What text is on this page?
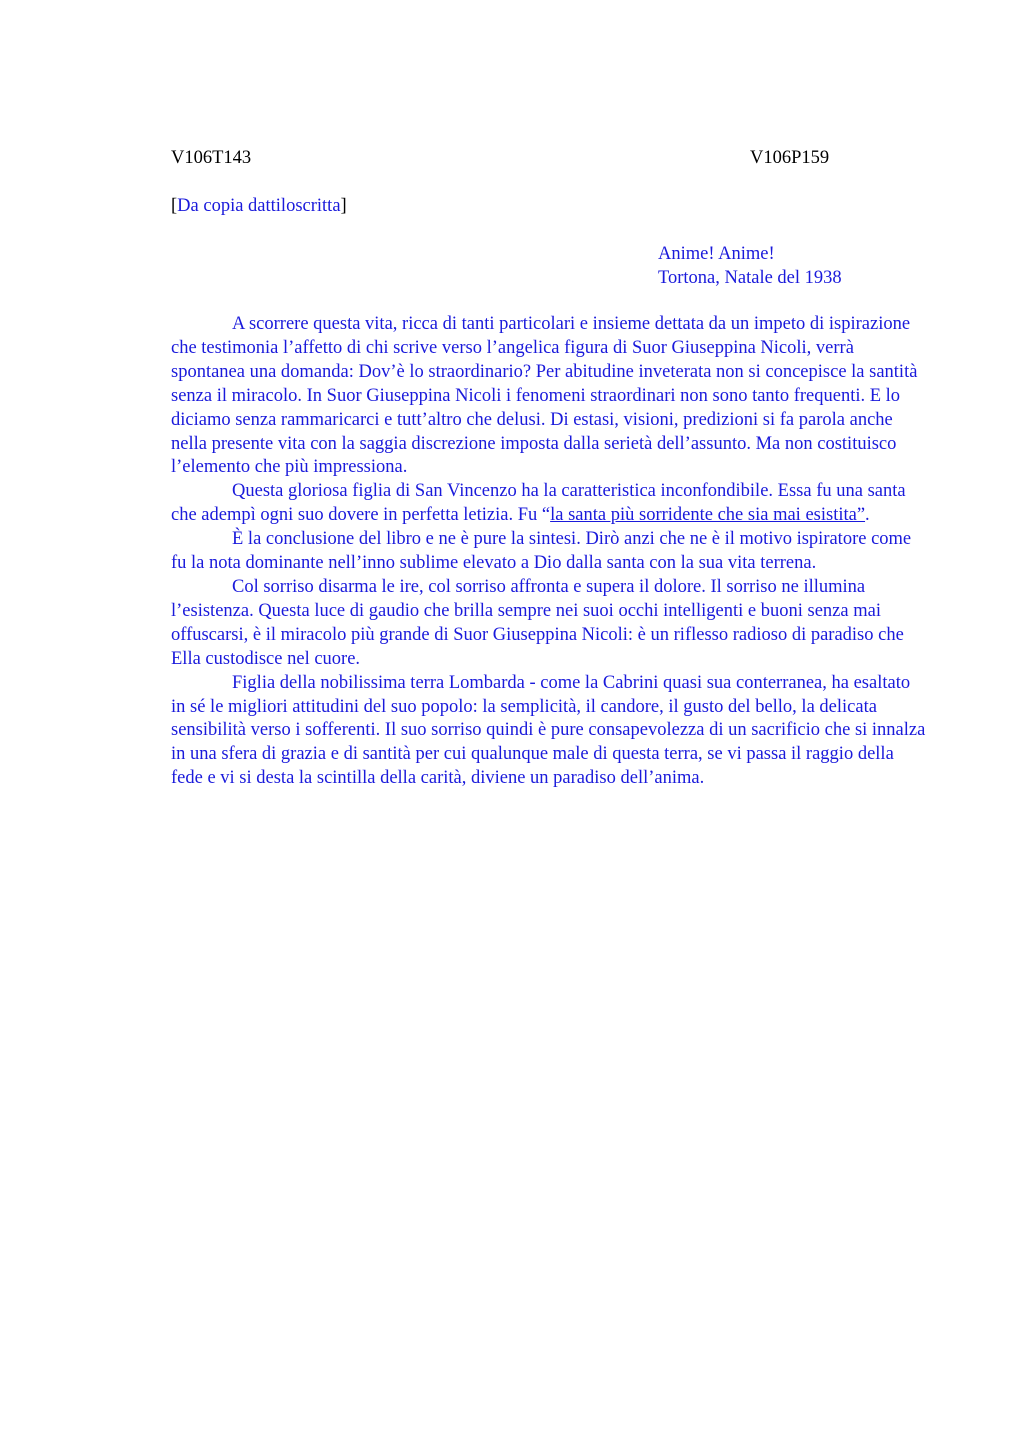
V106T143	V106P159
[Da copia dattiloscritta]
Anime! Anime!
Tortona, Natale del 1938

A scorrere questa vita, ricca di tanti particolari e insieme dettata da un impeto di ispirazione che testimonia l’affetto di chi scrive verso l’angelica figura di Suor Giuseppina Nicoli, verrà spontanea una domanda: Dov’è lo straordinario? Per abitudine inveterata non si concepisce la santità senza il miracolo. In Suor Giuseppina Nicoli i fenomeni straordinari non sono tanto frequenti. E lo diciamo senza rammaricarci e tutt’altro che delusi. Di estasi, visioni, predizioni si fa parola anche nella presente vita con la saggia discrezione imposta dalla serietà dell’assunto. Ma non costituisco l’elemento che più impressiona.

Questa gloriosa figlia di San Vincenzo ha la caratteristica inconfondibile. Essa fu una santa che adempì ogni suo dovere in perfetta letizia. Fu “la santa più sorridente che sia mai esistita”.

È la conclusione del libro e ne è pure la sintesi. Dirò anzi che ne è il motivo ispiratore come fu la nota dominante nell’inno sublime elevato a Dio dalla santa con la sua vita terrena.

Col sorriso disarma le ire, col sorriso affronta e supera il dolore. Il sorriso ne illumina l’esistenza. Questa luce di gaudio che brilla sempre nei suoi occhi intelligenti e buoni senza mai offuscarsi, è il miracolo più grande di Suor Giuseppina Nicoli: è un riflesso radioso di paradiso che Ella custodisce nel cuore.

Figlia della nobilissima terra Lombarda - come la Cabrini quasi sua conterranea, ha esaltato in sé le migliori attitudini del suo popolo: la semplicità, il candore, il gusto del bello, la delicata sensibilità verso i sofferenti. Il suo sorriso quindi è pure consapevolezza di un sacrificio che si innalza in una sfera di grazia e di santità per cui qualunque male di questa terra, se vi passa il raggio della fede e vi si desta la scintilla della carità, diviene un paradiso dell’anima.
